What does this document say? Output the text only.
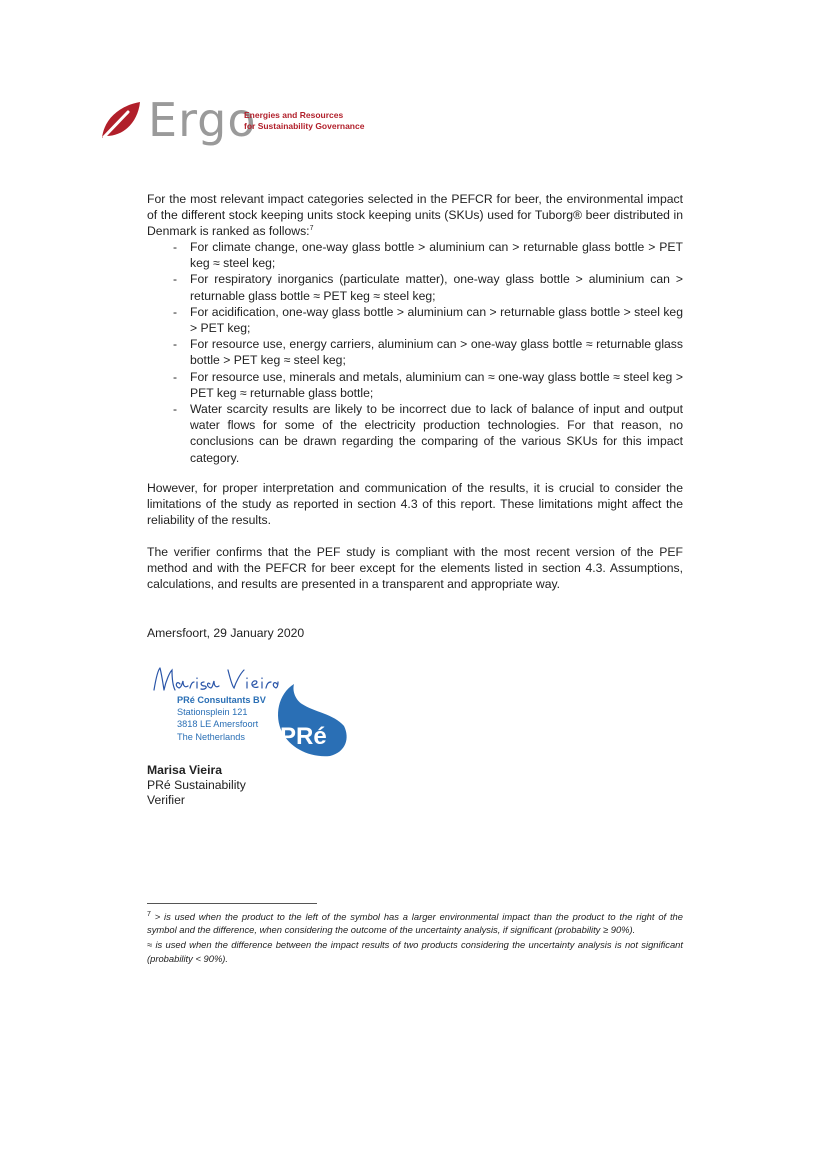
Ergo
Energies and Resources
for Sustainability Governance
For the most relevant impact categories selected in the PEFCR for beer, the environmental impact of the different stock keeping units stock keeping units (SKUs) used for Tuborg® beer distributed in Denmark is ranked as follows:$^7$
- For climate change, one-way glass bottle > aluminium can > returnable glass bottle > PET keg ≈ steel keg;
- For respiratory inorganics (particulate matter), one-way glass bottle > aluminium can > returnable glass bottle ≈ PET keg ≈ steel keg;
- For acidification, one-way glass bottle > aluminium can > returnable glass bottle > steel keg > PET keg;
- For resource use, energy carriers, aluminium can > one-way glass bottle ≈ returnable glass bottle > PET keg ≈ steel keg;
- For resource use, minerals and metals, aluminium can ≈ one-way glass bottle ≈ steel keg > PET keg ≈ returnable glass bottle;
- Water scarcity results are likely to be incorrect due to lack of balance of input and output water flows for some of the electricity production technologies. For that reason, no conclusions can be drawn regarding the comparing of the various SKUs for this impact category.
However, for proper interpretation and communication of the results, it is crucial to consider the limitations of the study as reported in section 4.3 of this report. These limitations might affect the reliability of the results.
The verifier confirms that the PEF study is compliant with the most recent version of the PEF method and with the PEFCR for beer except for the elements listed in section 4.3. Assumptions, calculations, and results are presented in a transparent and appropriate way.
Amersfoort, 29 January 2020
PRé Consultants BV
Stationsplein 121
3818 LE Amersfoort
The Netherlands	PRé
Marisa Vieira
PRé Sustainability
Verifier

$^7$ > is used when the product to the left of the symbol has a larger environmental impact than the product to the right of the symbol and the difference, when considering the outcome of the uncertainty analysis, if significant (probability ≥ 90%).

≈ is used when the difference between the impact results of two products considering the uncertainty analysis is not significant (probability < 90%).
